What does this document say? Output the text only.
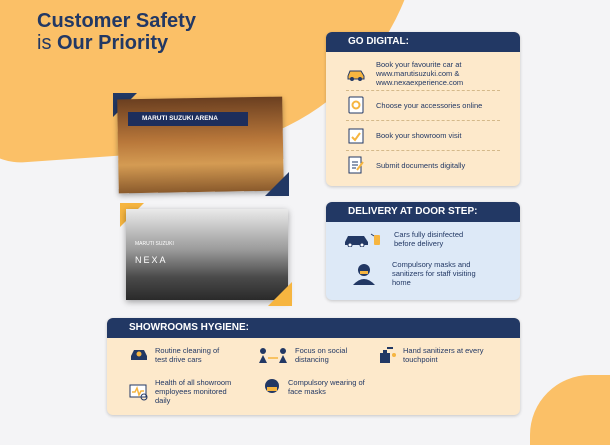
Customer Safety
is Our Priority
MARUTI SUZUKI ARENA
MARUTI SUZUKINEXA
GO DIGITAL:
Book your favourite car at www.marutisuzuki.com & www.nexaexperience.com
Choose your accessories online
Book your showroom visit
Submit documents digitally
DELIVERY AT DOOR STEP:
Cars fully disinfected before delivery
Compulsory masks and sanitizers for staff visiting home
SHOWROOMS HYGIENE:
Routine cleaning of test drive cars
Focus on social distancing
Hand sanitizers at every touchpoint
Health of all showroom employees monitored daily
Compulsory wearing of face masks
